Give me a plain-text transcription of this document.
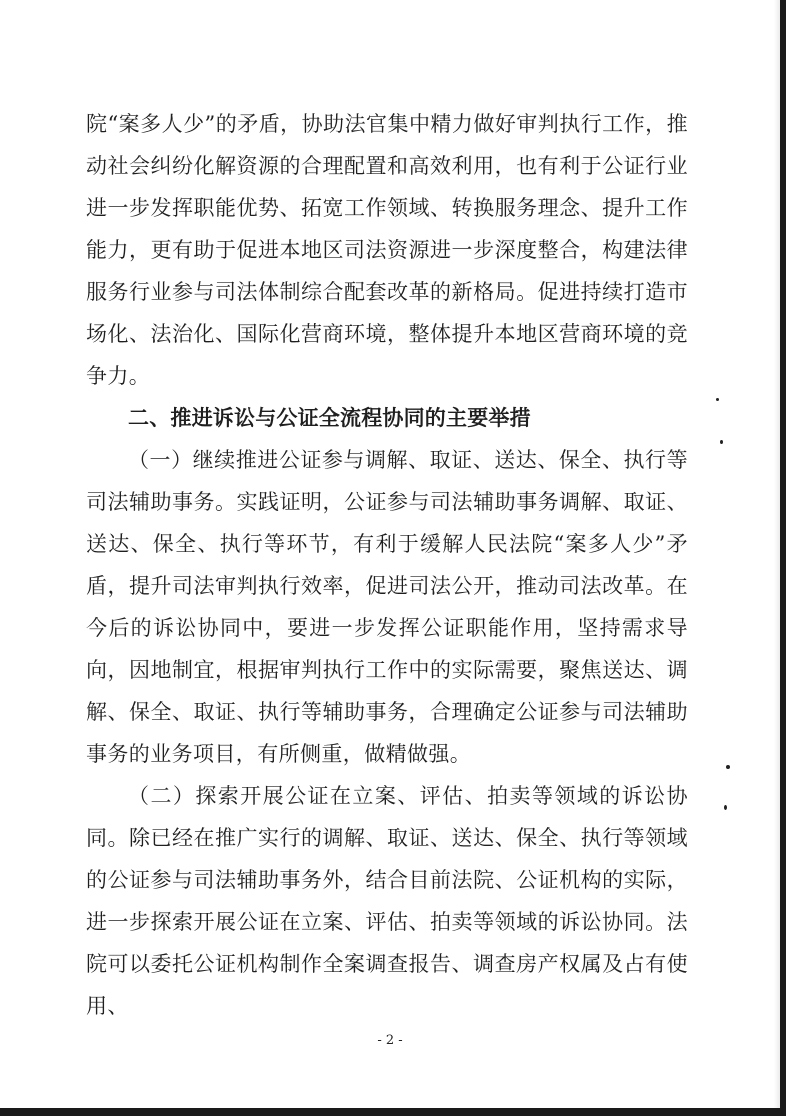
院“案多人少”的矛盾，协助法官集中精力做好审判执行工作，推动社会纠纷化解资源的合理配置和高效利用，也有利于公证行业进一步发挥职能优势、拓宽工作领域、转换服务理念、提升工作能力，更有助于促进本地区司法资源进一步深度整合，构建法律服务行业参与司法体制综合配套改革的新格局。促进持续打造市场化、法治化、国际化营商环境，整体提升本地区营商环境的竞争力。

二、推进诉讼与公证全流程协同的主要举措

（一）继续推进公证参与调解、取证、送达、保全、执行等司法辅助事务。实践证明，公证参与司法辅助事务调解、取证、送达、保全、执行等环节，有利于缓解人民法院“案多人少”矛盾，提升司法审判执行效率，促进司法公开，推动司法改革。在今后的诉讼协同中，要进一步发挥公证职能作用，坚持需求导向，因地制宜，根据审判执行工作中的实际需要，聚焦送达、调解、保全、取证、执行等辅助事务，合理确定公证参与司法辅助事务的业务项目，有所侧重，做精做强。

（二）探索开展公证在立案、评估、拍卖等领域的诉讼协同。除已经在推广实行的调解、取证、送达、保全、执行等领域的公证参与司法辅助事务外，结合目前法院、公证机构的实际，进一步探索开展公证在立案、评估、拍卖等领域的诉讼协同。法院可以委托公证机构制作全案调查报告、调查房产权属及占有使用、

- 2 -
